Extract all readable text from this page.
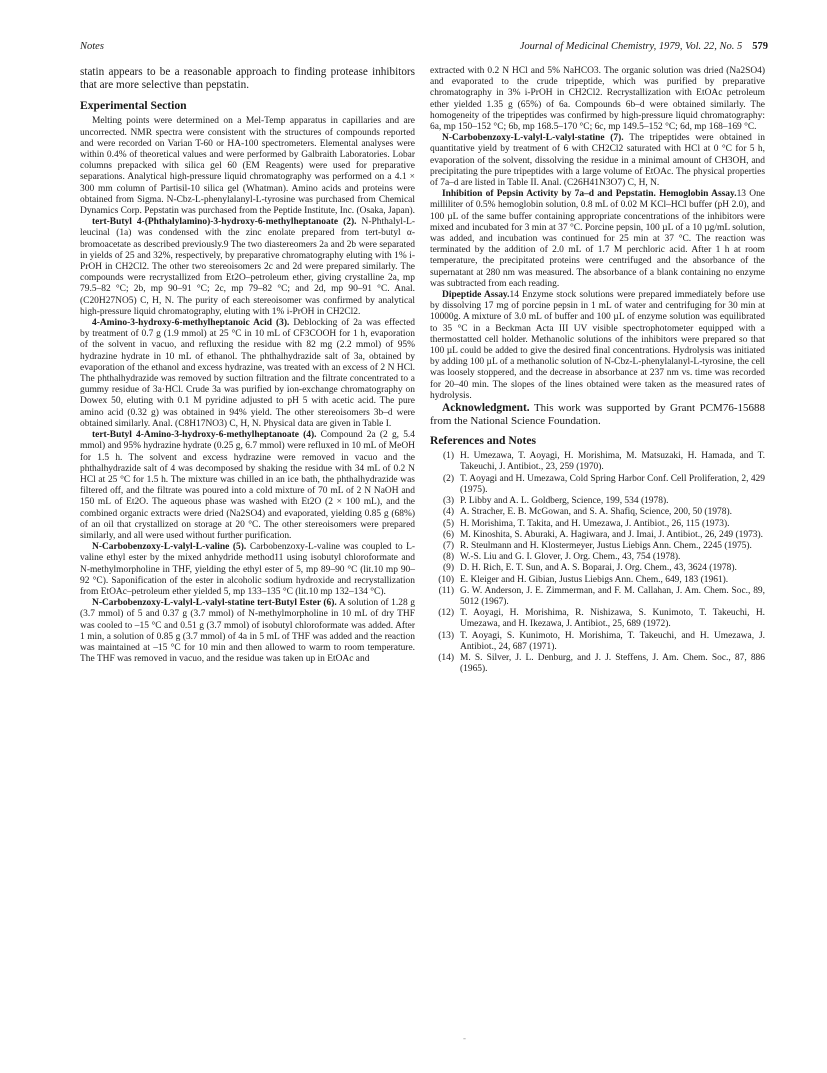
Notes	Journal of Medicinal Chemistry, 1979, Vol. 22, No. 5 579

statin appears to be a reasonable approach to finding protease inhibitors that are more selective than pepstatin.

Experimental Section

Melting points were determined on a Mel-Temp apparatus in capillaries and are uncorrected. NMR spectra were consistent with the structures of compounds reported and were recorded on Varian T-60 or HA-100 spectrometers. Elemental analyses were within 0.4% of theoretical values and were performed by Galbraith Laboratories. Lobar columns prepacked with silica gel 60 (EM Reagents) were used for preparative separations. Analytical high-pressure liquid chromatography was performed on a 4.1 × 300 mm column of Partisil-10 silica gel (Whatman). Amino acids and proteins were obtained from Sigma. N-Cbz-L-phenylalanyl-L-tyrosine was purchased from Chemical Dynamics Corp. Pepstatin was purchased from the Peptide Institute, Inc. (Osaka, Japan).

tert-Butyl 4-(Phthalylamino)-3-hydroxy-6-methylheptanoate (2). N-Phthalyl-L-leucinal (1a) was condensed with the zinc enolate prepared from tert-butyl α-bromoacetate as described previously.9 The two diastereomers 2a and 2b were separated in yields of 25 and 32%, respectively, by preparative chromatography eluting with 1% i-PrOH in CH2Cl2. The other two stereoisomers 2c and 2d were prepared similarly. The compounds were recrystallized from Et2O–petroleum ether, giving crystalline 2a, mp 79.5–82 °C; 2b, mp 90–91 °C; 2c, mp 79–82 °C; and 2d, mp 90–91 °C. Anal. (C20H27NO5) C, H, N. The purity of each stereoisomer was confirmed by analytical high-pressure liquid chromatography, eluting with 1% i-PrOH in CH2Cl2.

4-Amino-3-hydroxy-6-methylheptanoic Acid (3). Deblocking of 2a was effected by treatment of 0.7 g (1.9 mmol) at 25 °C in 10 mL of CF3COOH for 1 h, evaporation of the solvent in vacuo, and refluxing the residue with 82 mg (2.2 mmol) of 95% hydrazine hydrate in 10 mL of ethanol. The phthalhydrazide salt of 3a, obtained by evaporation of the ethanol and excess hydrazine, was treated with an excess of 2 N HCl. The phthalhydrazide was removed by suction filtration and the filtrate concentrated to a gummy residue of 3a·HCl. Crude 3a was purified by ion-exchange chromatography on Dowex 50, eluting with 0.1 M pyridine adjusted to pH 5 with acetic acid. The pure amino acid (0.32 g) was obtained in 94% yield. The other stereoisomers 3b–d were obtained similarly. Anal. (C8H17NO3) C, H, N. Physical data are given in Table I.

tert-Butyl 4-Amino-3-hydroxy-6-methylheptanoate (4). Compound 2a (2 g, 5.4 mmol) and 95% hydrazine hydrate (0.25 g, 6.7 mmol) were refluxed in 10 mL of MeOH for 1.5 h. The solvent and excess hydrazine were removed in vacuo and the phthalhydrazide salt of 4 was decomposed by shaking the residue with 34 mL of 0.2 N HCl at 25 °C for 1.5 h. The mixture was chilled in an ice bath, the phthalhydrazide was filtered off, and the filtrate was poured into a cold mixture of 70 mL of 2 N NaOH and 150 mL of Et2O. The aqueous phase was washed with Et2O (2 × 100 mL), and the combined organic extracts were dried (Na2SO4) and evaporated, yielding 0.85 g (68%) of an oil that crystallized on storage at 20 °C. The other stereoisomers were prepared similarly, and all were used without further purification.

N-Carbobenzoxy-L-valyl-L-valine (5). Carbobenzoxy-L-valine was coupled to L-valine ethyl ester by the mixed anhydride method11 using isobutyl chloroformate and N-methylmorpholine in THF, yielding the ethyl ester of 5, mp 89–90 °C (lit.10 mp 90–92 °C). Saponification of the ester in alcoholic sodium hydroxide and recrystallization from EtOAc–petroleum ether yielded 5, mp 133–135 °C (lit.10 mp 132–134 °C).

N-Carbobenzoxy-L-valyl-L-valyl-statine tert-Butyl Ester (6). A solution of 1.28 g (3.7 mmol) of 5 and 0.37 g (3.7 mmol) of N-methylmorpholine in 10 mL of dry THF was cooled to –15 °C and 0.51 g (3.7 mmol) of isobutyl chloroformate was added. After 1 min, a solution of 0.85 g (3.7 mmol) of 4a in 5 mL of THF was added and the reaction was maintained at –15 °C for 10 min and then allowed to warm to room temperature. The THF was removed in vacuo, and the residue was taken up in EtOAc and

extracted with 0.2 N HCl and 5% NaHCO3. The organic solution was dried (Na2SO4) and evaporated to the crude tripeptide, which was purified by preparative chromatography in 3% i-PrOH in CH2Cl2. Recrystallization with EtOAc petroleum ether yielded 1.35 g (65%) of 6a. Compounds 6b–d were obtained similarly. The homogeneity of the tripeptides was confirmed by high-pressure liquid chromatography: 6a, mp 150–152 °C; 6b, mp 168.5–170 °C; 6c, mp 149.5–152 °C; 6d, mp 168–169 °C.

N-Carbobenzoxy-L-valyl-L-valyl-statine (7). The tripeptides were obtained in quantitative yield by treatment of 6 with CH2Cl2 saturated with HCl at 0 °C for 5 h, evaporation of the solvent, dissolving the residue in a minimal amount of CH3OH, and precipitating the pure tripeptides with a large volume of EtOAc. The physical properties of 7a–d are listed in Table II. Anal. (C26H41N3O7) C, H, N.

Inhibition of Pepsin Activity by 7a–d and Pepstatin. Hemoglobin Assay.13 One milliliter of 0.5% hemoglobin solution, 0.8 mL of 0.02 M KCl–HCl buffer (pH 2.0), and 100 µL of the same buffer containing appropriate concentrations of the inhibitors were mixed and incubated for 3 min at 37 °C. Porcine pepsin, 100 µL of a 10 µg/mL solution, was added, and incubation was continued for 25 min at 37 °C. The reaction was terminated by the addition of 2.0 mL of 1.7 M perchloric acid. After 1 h at room temperature, the precipitated proteins were centrifuged and the absorbance of the supernatant at 280 nm was measured. The absorbance of a blank containing no enzyme was subtracted from each reading.

Dipeptide Assay.14 Enzyme stock solutions were prepared immediately before use by dissolving 17 mg of porcine pepsin in 1 mL of water and centrifuging for 30 min at 10000g. A mixture of 3.0 mL of buffer and 100 µL of enzyme solution was equilibrated to 35 °C in a Beckman Acta III UV visible spectrophotometer equipped with a thermostatted cell holder. Methanolic solutions of the inhibitors were prepared so that 100 µL could be added to give the desired final concentrations. Hydrolysis was initiated by adding 100 µL of a methanolic solution of N-Cbz-L-phenylalanyl-L-tyrosine, the cell was loosely stoppered, and the decrease in absorbance at 237 nm vs. time was recorded for 20–40 min. The slopes of the lines obtained were taken as the measured rates of hydrolysis.

Acknowledgment. This work was supported by Grant PCM76-15688 from the National Science Foundation.

References and Notes
(1) H. Umezawa, T. Aoyagi, H. Morishima, M. Matsuzaki, H. Hamada, and T. Takeuchi, J. Antibiot., 23, 259 (1970).
(2) T. Aoyagi and H. Umezawa, Cold Spring Harbor Conf. Cell Proliferation, 2, 429 (1975).
(3) P. Libby and A. L. Goldberg, Science, 199, 534 (1978).
(4) A. Stracher, E. B. McGowan, and S. A. Shafiq, Science, 200, 50 (1978).
(5) H. Morishima, T. Takita, and H. Umezawa, J. Antibiot., 26, 115 (1973).
(6) M. Kinoshita, S. Aburaki, A. Hagiwara, and J. Imai, J. Antibiot., 26, 249 (1973).
(7) R. Steulmann and H. Klostermeyer, Justus Liebigs Ann. Chem., 2245 (1975).
(8) W.-S. Liu and G. I. Glover, J. Org. Chem., 43, 754 (1978).
(9) D. H. Rich, E. T. Sun, and A. S. Boparai, J. Org. Chem., 43, 3624 (1978).
(10) E. Kleiger and H. Gibian, Justus Liebigs Ann. Chem., 649, 183 (1961).
(11) G. W. Anderson, J. E. Zimmerman, and F. M. Callahan, J. Am. Chem. Soc., 89, 5012 (1967).
(12) T. Aoyagi, H. Morishima, R. Nishizawa, S. Kunimoto, T. Takeuchi, H. Umezawa, and H. Ikezawa, J. Antibiot., 25, 689 (1972).
(13) T. Aoyagi, S. Kunimoto, H. Morishima, T. Takeuchi, and H. Umezawa, J. Antibiot., 24, 687 (1971).
(14) M. S. Silver, J. L. Denburg, and J. J. Steffens, J. Am. Chem. Soc., 87, 886 (1965).
-
